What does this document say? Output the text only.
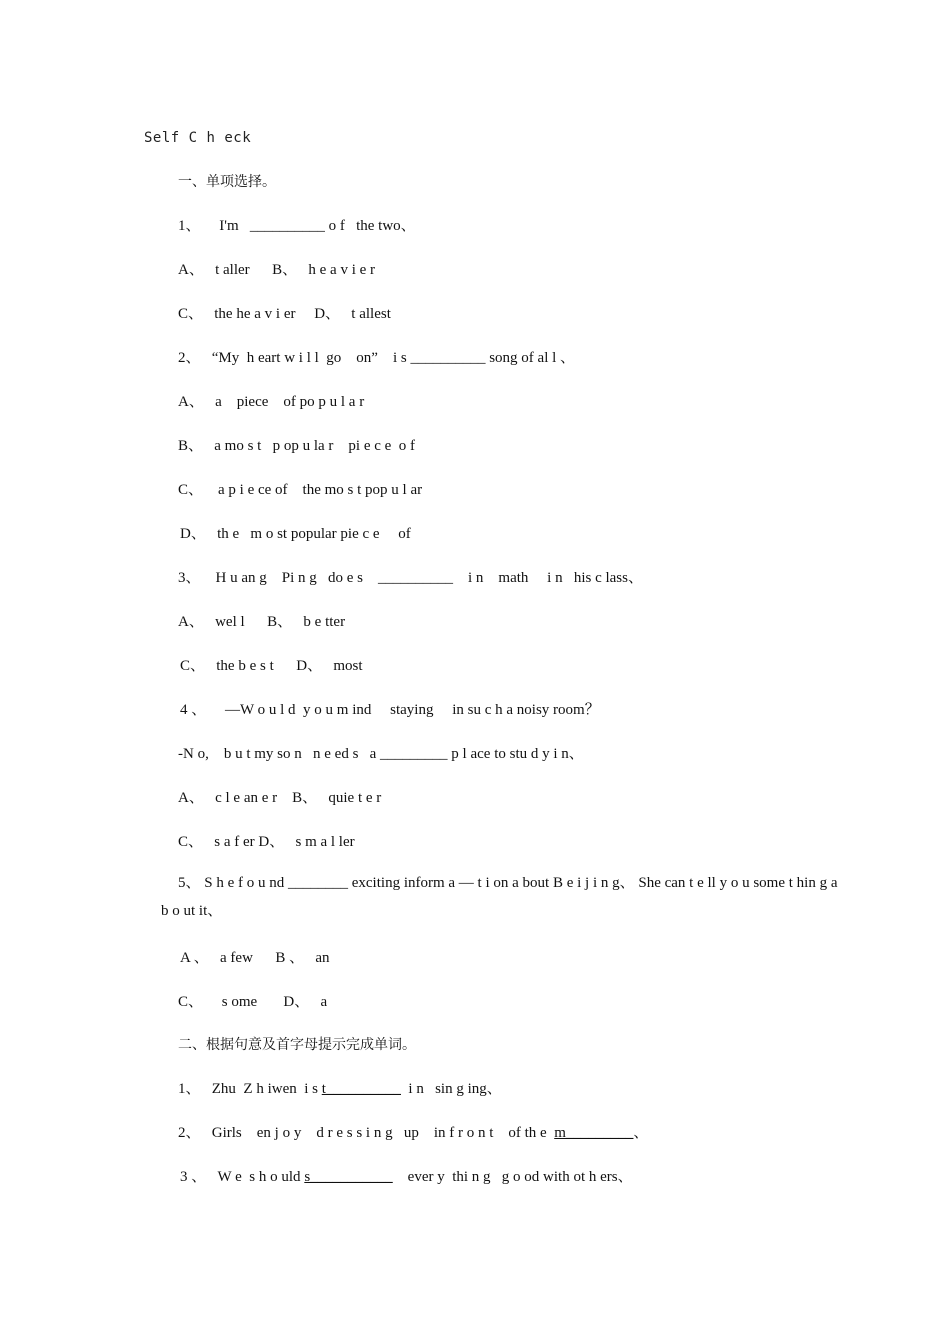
Self C h eck
一、单项选择。
1、     I'm   __________ o f   the two、
A、   t aller      B、   h e a v i e r
C、   the he a v i er     D、   t allest
2、   “My  h eart w i l l  go    on”    i s __________ song of al l 、
A、   a    piece    of po p u l a r
B、   a mo s t   p op u la r    pi e c e  o f
C、    a p i e ce of    the mo s t pop u l ar
D、   th e   m o st popular pie c e     of
3、    H u an g    Pi n g   do e s    __________    i n    math     i n   his c lass、
A、   wel l      B、   b e tter
C、   the b e s t      D、   most
4 、     —W o u l d  y o u m ind     staying     in su c h a noisy room？
-N o,    b u t my so n   n e ed s   a _________ p l ace to stu d y i n、
A、   c l e an e r    B、   quie t e r
C、   s a f er D、   s m a l ler
5、 S h e f o u nd ________ exciting inform a — t i on a bout B e i j i n g、 She can t e ll y o u some t hin g a b o ut it、
A 、   a few      B 、   an
C、     s ome       D、   a
二、根据句意及首字母提示完成单词。
1、   Zhu  Z h iwen  i s t__________  i n   sin g ing、
2、   Girls    en j o y    d r e s s i n g   up    in f r o n t    of th e  m_________、
3 、   W e  s h o uld s___________    ever y  thi n g   g o od with ot h ers、
